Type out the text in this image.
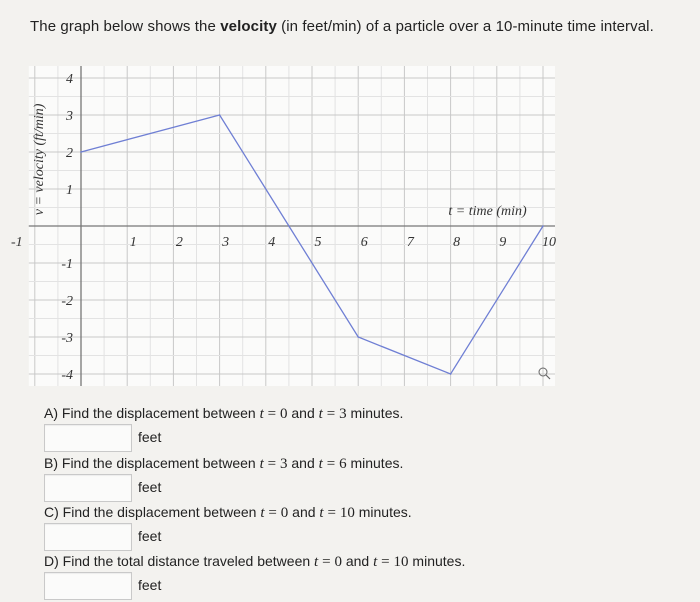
The graph below shows the velocity (in feet/min) of a particle over a 10-minute time interval.
-1	1	2	3	4	5	6	7	8	9	10
4
3
2
1
-1
-2
-3
-4
v = velocity (ft/min)	t = time (min)
A) Find the displacement between t = 0 and t = 3 minutes.
feet
B) Find the displacement between t = 3 and t = 6 minutes.
feet
C) Find the displacement between t = 0 and t = 10 minutes.
feet
D) Find the total distance traveled between t = 0 and t = 10 minutes.
feet
